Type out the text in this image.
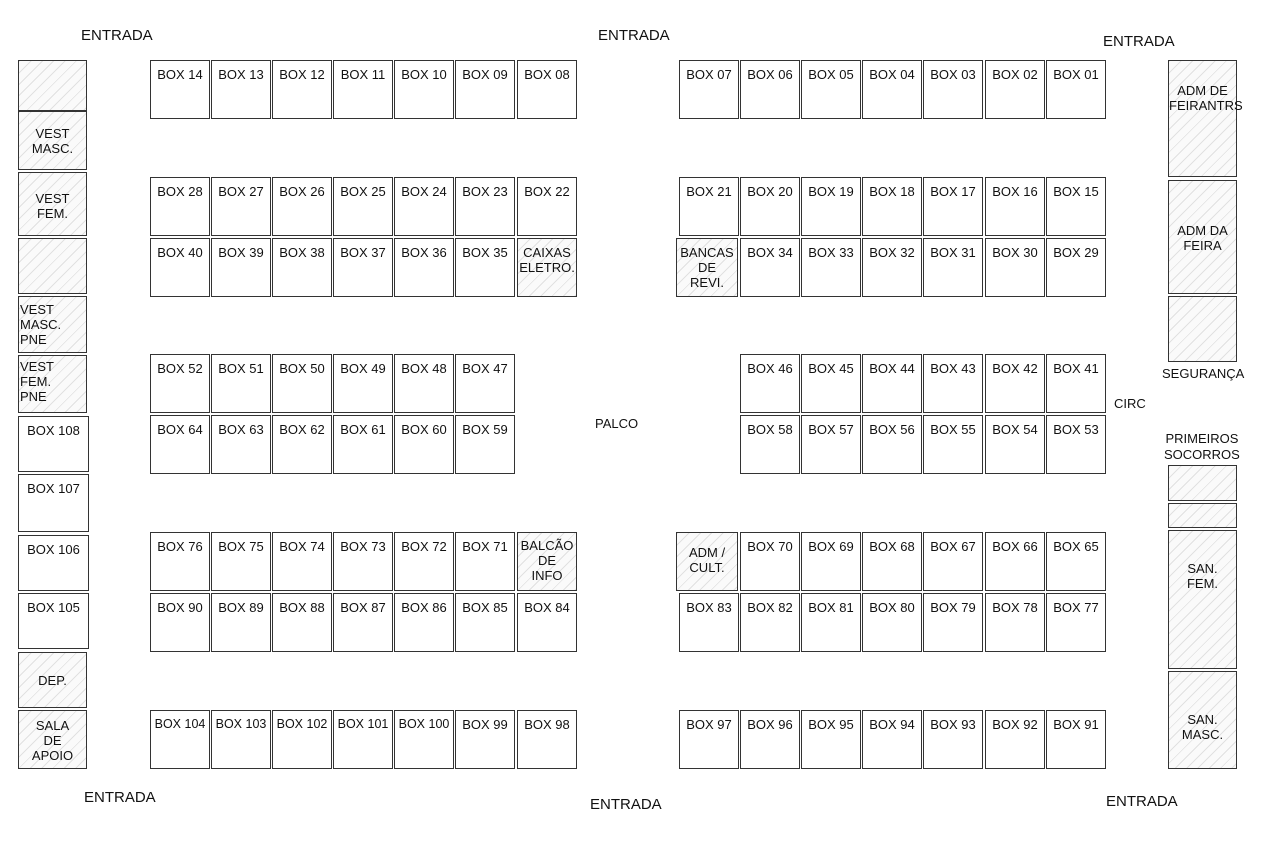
ENTRADA	ENTRADA	ENTRADA
ENTRADA	ENTRADA	ENTRADA
PALCO
CIRC
SEGURANÇA
PRIMEIROS
SOCORROS
VEST
MASC.
VEST
FEM.
VEST
MASC.
PNE
VEST
FEM.
PNE
BOX 108
BOX 107
BOX 106
BOX 105
DEP.
SALA
DE
APOIO
ADM DE
FEIRANTRS
ADM DA
FEIRA
SAN.
FEM.
SAN.
MASC.
CAIXAS
ELETRO.
BANCAS
DE
REVI.
BALCÃO
DE
INFO
ADM /
CULT.
BOX 14	BOX 13	BOX 12	BOX 11	BOX 10	BOX 09	BOX 08	BOX 07	BOX 06	BOX 05	BOX 04	BOX 03	BOX 02	BOX 01
BOX 28	BOX 27	BOX 26	BOX 25	BOX 24	BOX 23	BOX 22	BOX 21	BOX 20	BOX 19	BOX 18	BOX 17	BOX 16	BOX 15
BOX 40	BOX 39	BOX 38	BOX 37	BOX 36	BOX 35	BOX 34	BOX 33	BOX 32	BOX 31	BOX 30	BOX 29
BOX 52	BOX 51	BOX 50	BOX 49	BOX 48	BOX 47	BOX 46	BOX 45	BOX 44	BOX 43	BOX 42	BOX 41
BOX 64	BOX 63	BOX 62	BOX 61	BOX 60	BOX 59	BOX 58	BOX 57	BOX 56	BOX 55	BOX 54	BOX 53
BOX 76	BOX 75	BOX 74	BOX 73	BOX 72	BOX 71	BOX 70	BOX 69	BOX 68	BOX 67	BOX 66	BOX 65
BOX 90	BOX 89	BOX 88	BOX 87	BOX 86	BOX 85	BOX 84	BOX 83	BOX 82	BOX 81	BOX 80	BOX 79	BOX 78	BOX 77
BOX 104 BOX 103 BOX 102 BOX 101 BOX 100 BOX 99	BOX 98	BOX 97	BOX 96	BOX 95	BOX 94	BOX 93	BOX 92	BOX 91
